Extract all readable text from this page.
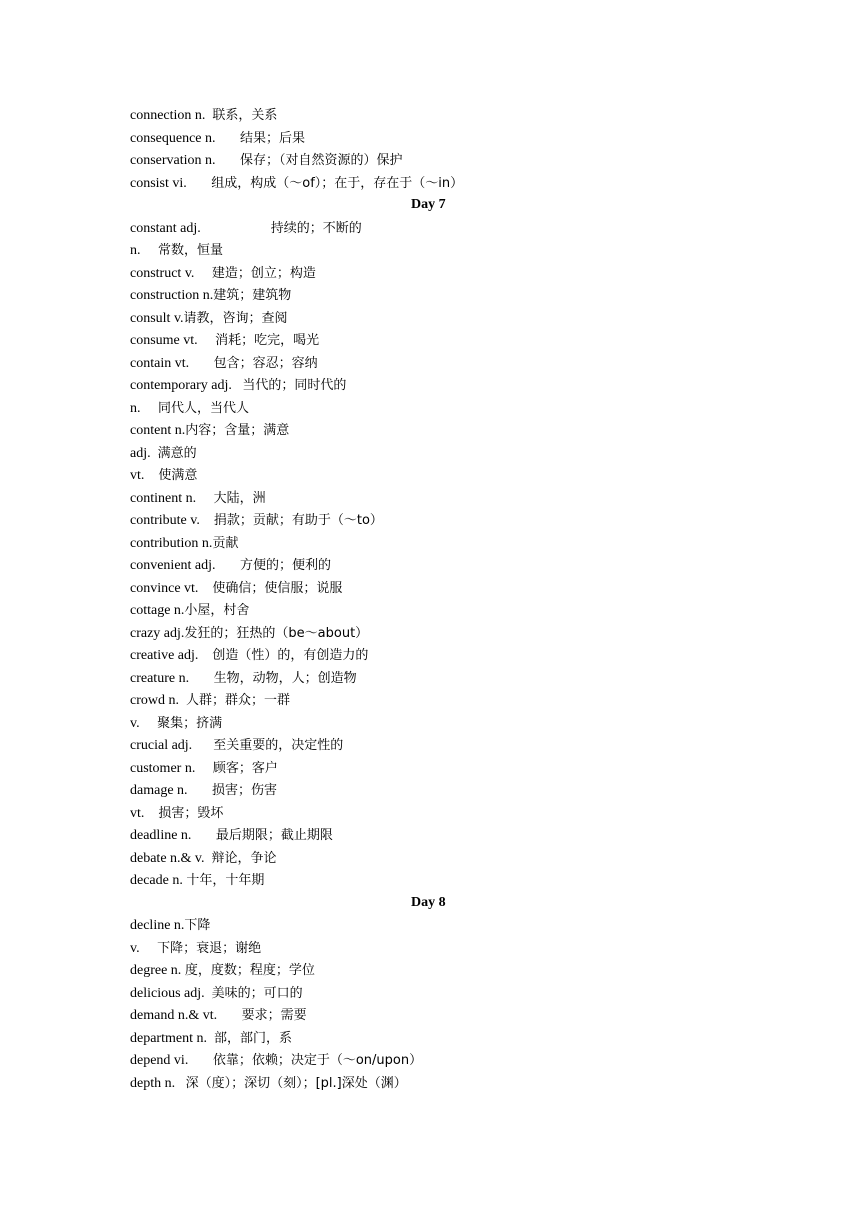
connection n. 联系，关系
consequence n. 结果；后果
conservation n. 保存；（对自然资源的）保护
consist vi. 组成，构成（～of）；在于，存在于（～in）
Day 7
constant adj.	持续的；不断的
n. 常数，恒量
construct v. 建造；创立；构造
construction n.建筑；建筑物
consult v.请教，咨询；查阅
consume vt. 消耗；吃完，喝光
contain vt. 包含；容忍；容纳
contemporary adj. 当代的；同时代的
n. 同代人，当代人
content n.内容；含量；满意
adj. 满意的
vt. 使满意
continent n. 大陆，洲
contribute v. 捐款；贡献；有助于（～to）
contribution n.贡献
convenient adj. 方便的；便利的
convince vt. 使确信；使信服；说服
cottage n.小屋，村舍
crazy adj.发狂的；狂热的（be～about）
creative adj. 创造（性）的，有创造力的
creature n. 生物，动物，人；创造物
crowd n. 人群；群众；一群
v. 聚集；挤满
crucial adj. 至关重要的，决定性的
customer n. 顾客；客户
damage n. 损害；伤害
vt. 损害；毁坏
deadline n. 最后期限；截止期限
debate n.& v. 辩论，争论
decade n. 十年，十年期
Day 8
decline n.下降
v. 下降；衰退；谢绝
degree n. 度，度数；程度；学位
delicious adj. 美味的；可口的
demand n.& vt. 要求；需要
department n. 部，部门，系
depend vi. 依靠；依赖；决定于（～on/upon）
depth n. 深（度）；深切（刻）；[pl.]深处（渊）
